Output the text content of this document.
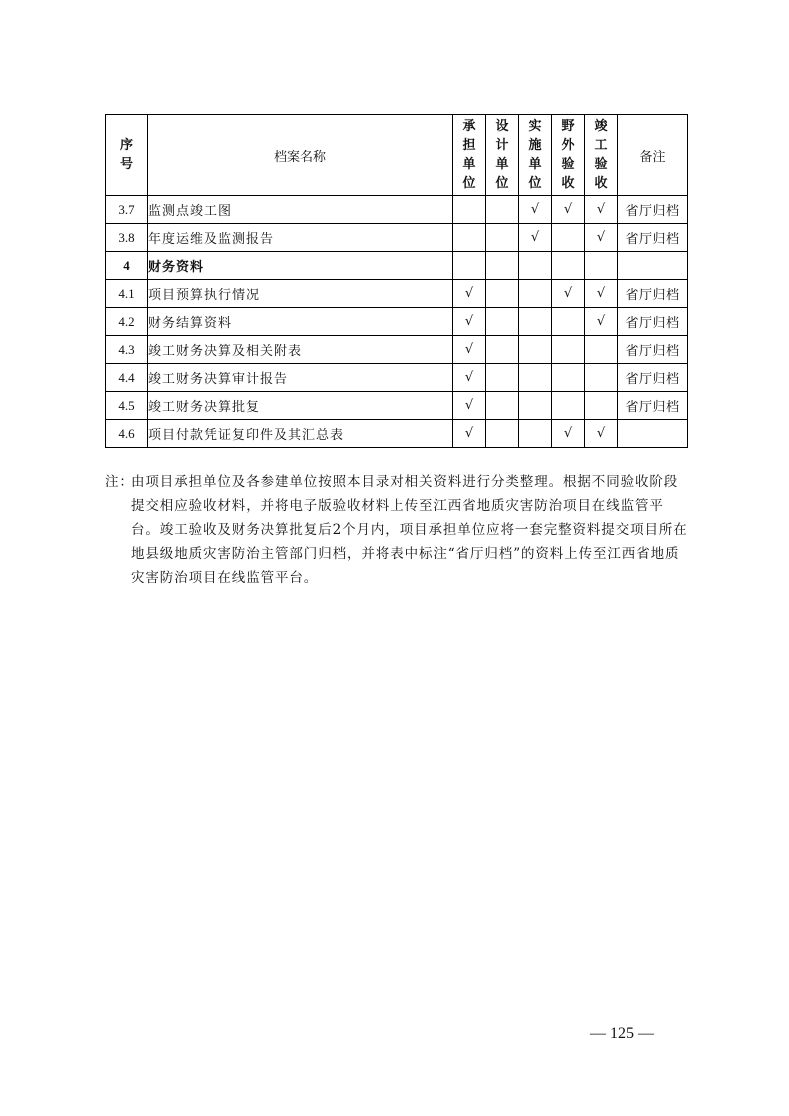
序号	档案名称	承担单位	设计单位	实施单位	野外验收	竣工验收	备注
3.7	监测点竣工图			√	√	√	省厅归档
3.8	年度运维及监测报告			√		√	省厅归档
4	财务资料						
4.1	项目预算执行情况	√			√	√	省厅归档
4.2	财务结算资料	√				√	省厅归档
4.3	竣工财务决算及相关附表	√					省厅归档
4.4	竣工财务决算审计报告	√					省厅归档
4.5	竣工财务决算批复	√					省厅归档
4.6	项目付款凭证复印件及其汇总表	√			√	√	
注：
由项目承担单位及各参建单位按照本目录对相关资料进行分类整理。根据不同验收阶段提交相应验收材料，并将电子版验收材料上传至江西省地质灾害防治项目在线监管平台。竣工验收及财务决算批复后2个月内，项目承担单位应将一套完整资料提交项目所在地县级地质灾害防治主管部门归档，并将表中标注“省厅归档”的资料上传至江西省地质灾害防治项目在线监管平台。
— 125 —
